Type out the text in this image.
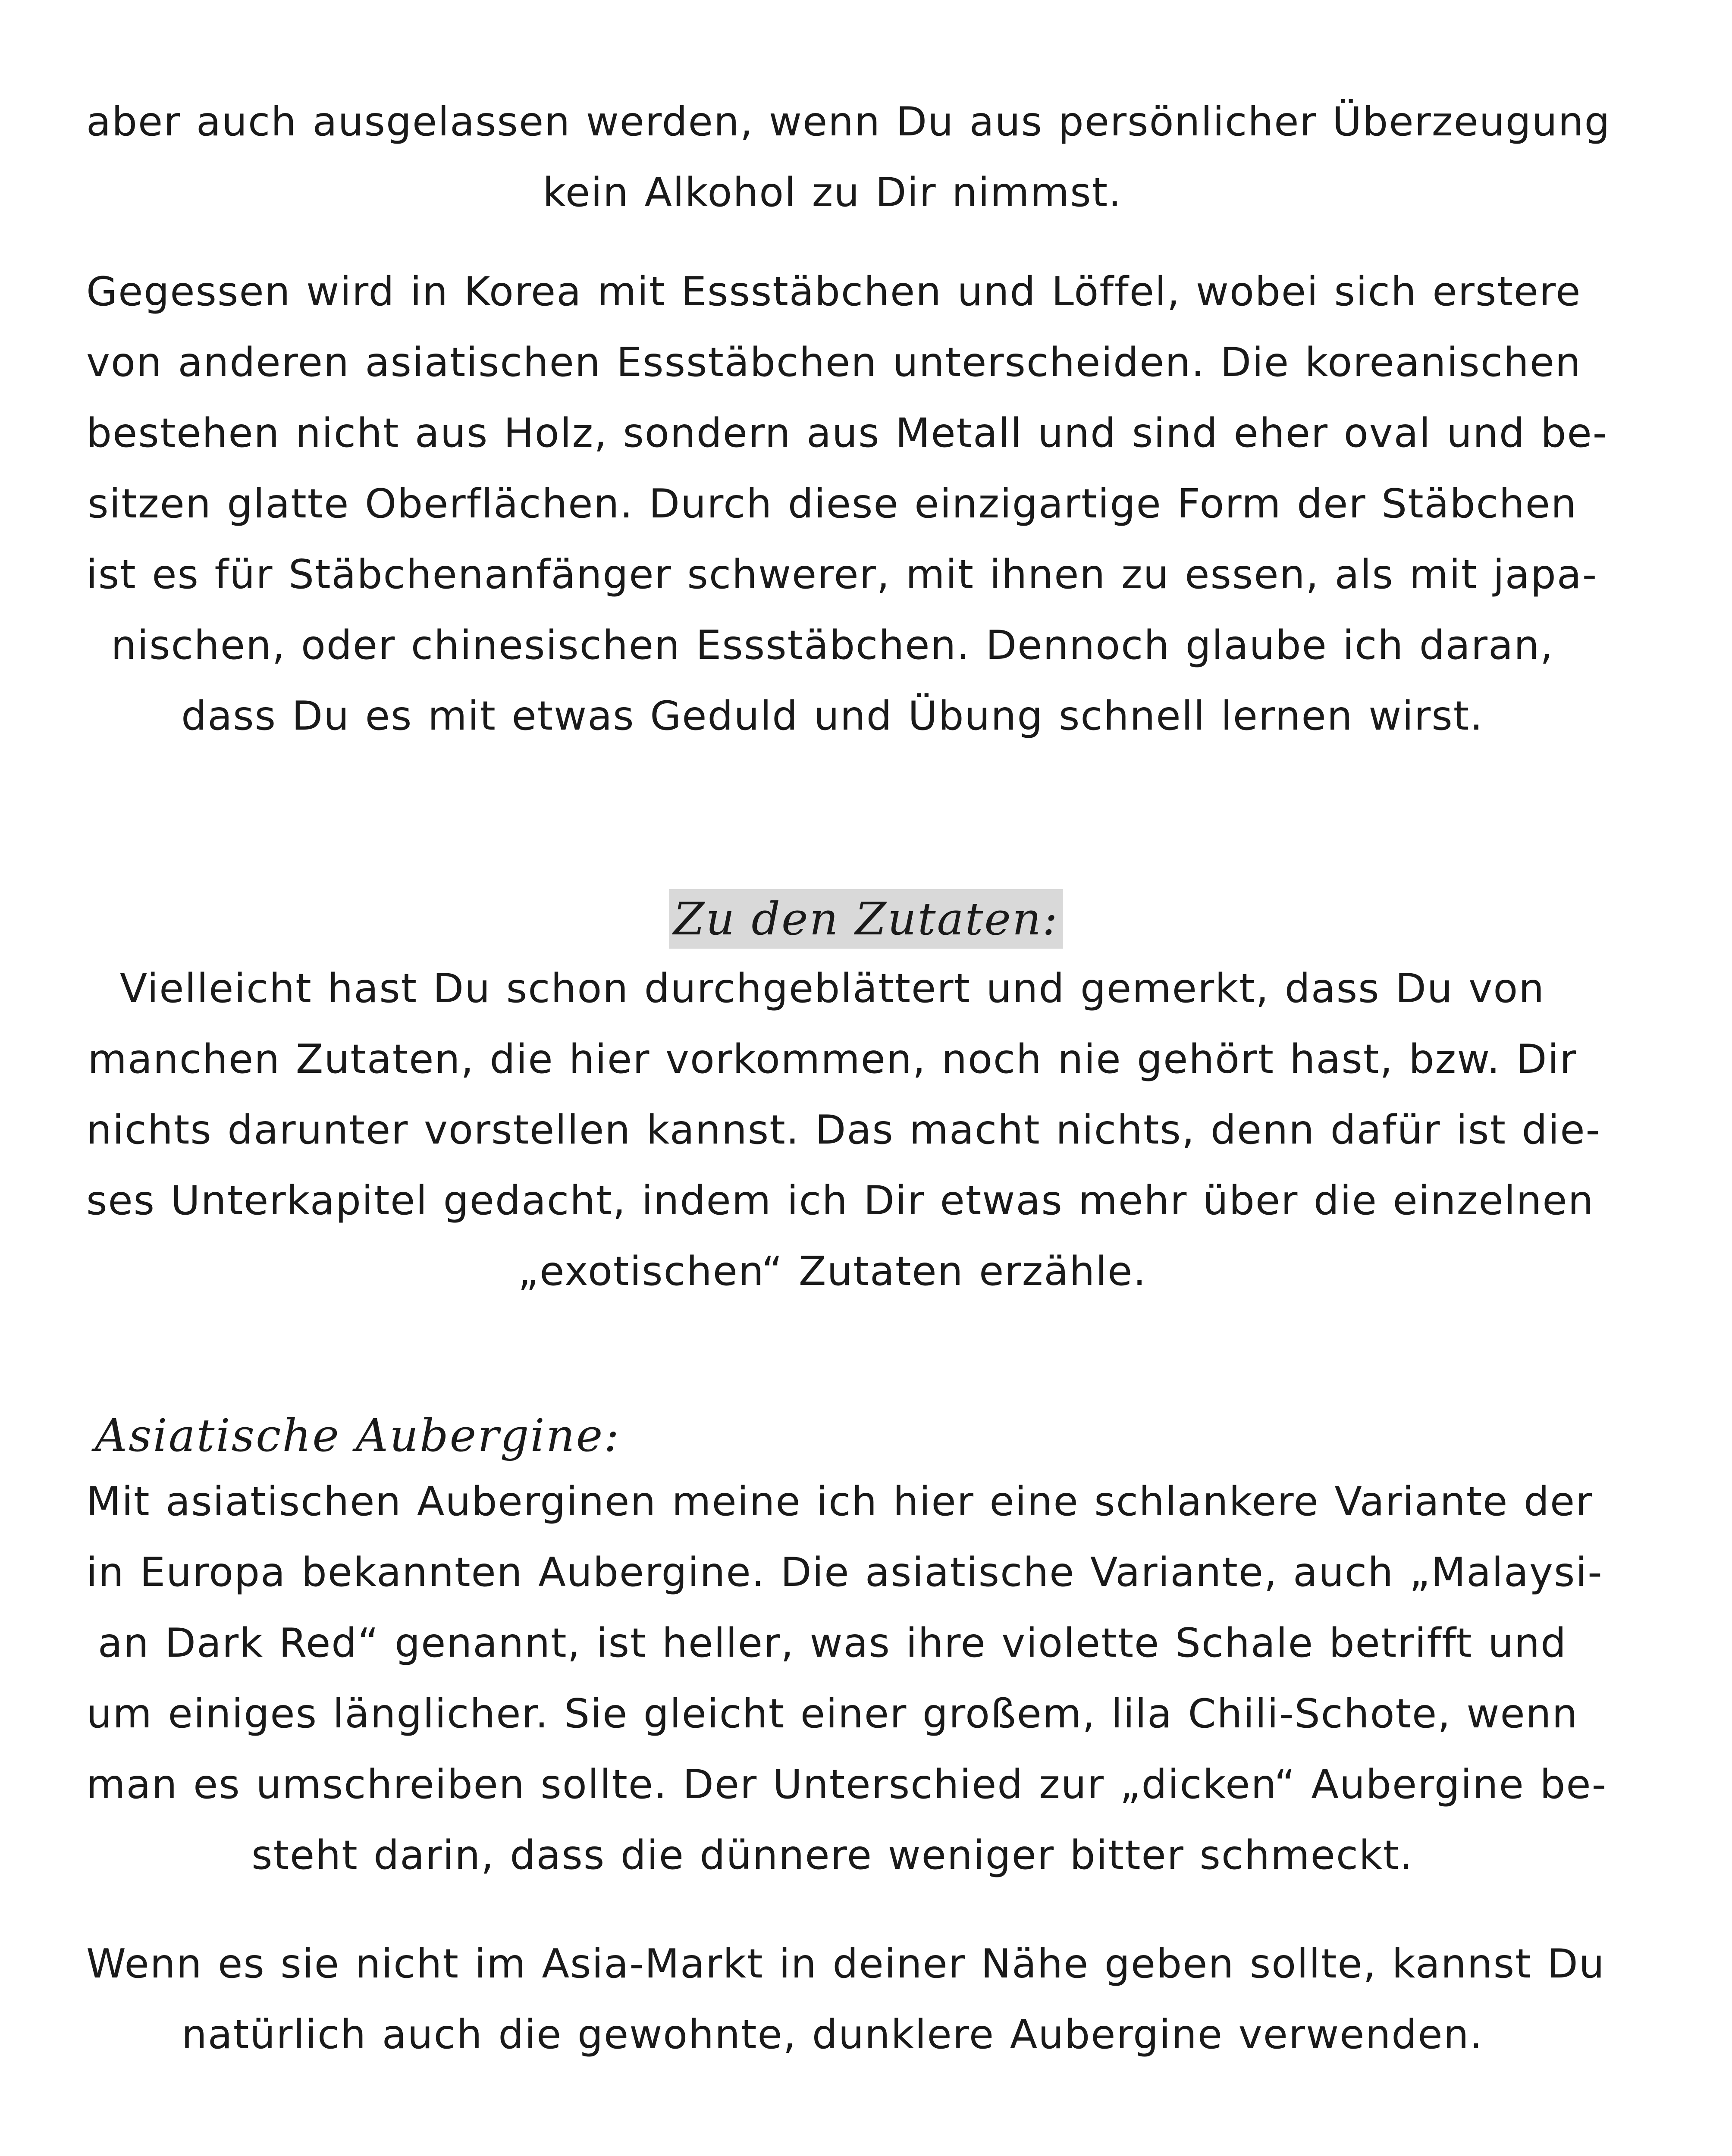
aber auch ausgelassen werden, wenn Du aus persönlicher Überzeugung
kein Alkohol zu Dir nimmst.

Gegessen wird in Korea mit Essstäbchen und Löffel, wobei sich erstere
von anderen asiatischen Essstäbchen unterscheiden. Die koreanischen
bestehen nicht aus Holz, sondern aus Metall und sind eher oval und be-
sitzen glatte Oberflächen. Durch diese einzigartige Form der Stäbchen
ist es für Stäbchenanfänger schwerer, mit ihnen zu essen, als mit japa-
nischen, oder chinesischen Essstäbchen. Dennoch glaube ich daran,
dass Du es mit etwas Geduld und Übung schnell lernen wirst.

Zu den Zutaten:

Vielleicht hast Du schon durchgeblättert und gemerkt, dass Du von
manchen Zutaten, die hier vorkommen, noch nie gehört hast, bzw. Dir
nichts darunter vorstellen kannst. Das macht nichts, denn dafür ist die-
ses Unterkapitel gedacht, indem ich Dir etwas mehr über die einzelnen
„exotischen“ Zutaten erzähle.

Asiatische Aubergine:

Mit asiatischen Auberginen meine ich hier eine schlankere Variante der
in Europa bekannten Aubergine. Die asiatische Variante, auch „Malaysi-
an Dark Red“ genannt, ist heller, was ihre violette Schale betrifft und
um einiges länglicher. Sie gleicht einer großem, lila Chili-Schote, wenn
man es umschreiben sollte. Der Unterschied zur „dicken“ Aubergine be-
steht darin, dass die dünnere weniger bitter schmeckt.

Wenn es sie nicht im Asia-Markt in deiner Nähe geben sollte, kannst Du
natürlich auch die gewohnte, dunklere Aubergine verwenden.
